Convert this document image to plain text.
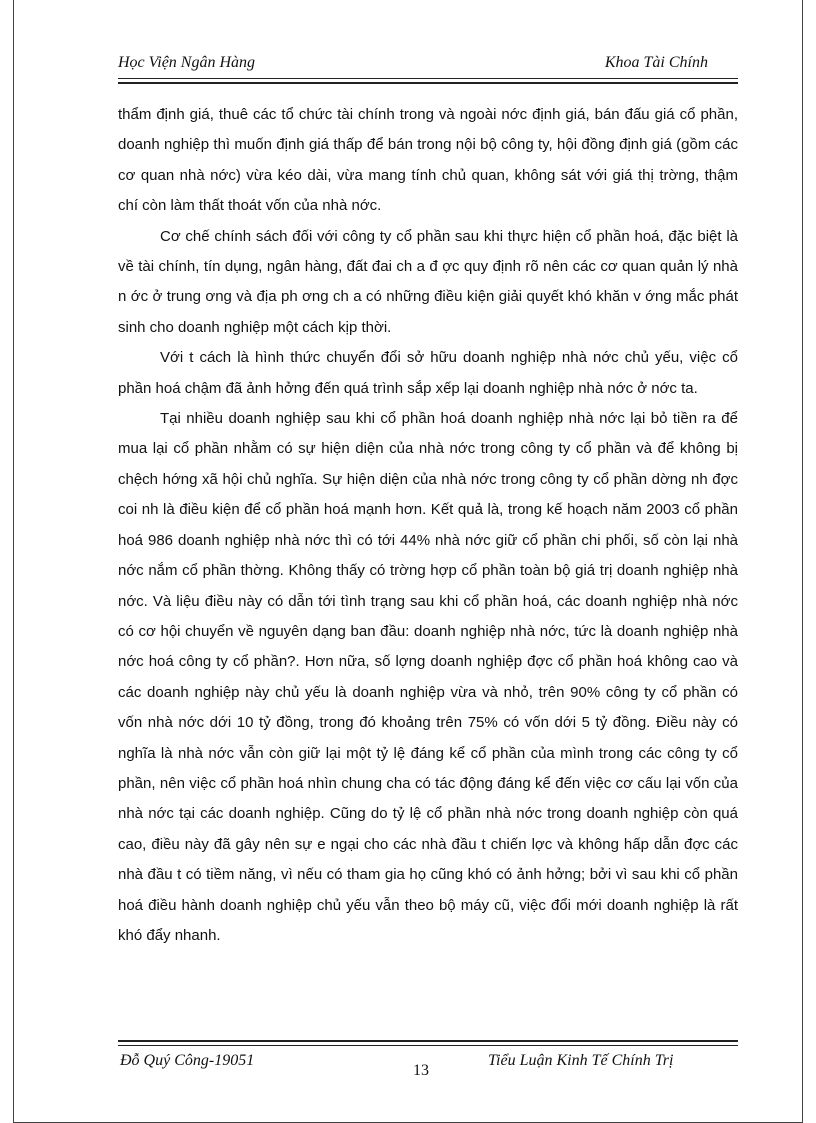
Học Viện Ngân Hàng	Khoa Tài Chính

thẩm định giá, thuê các tổ chức tài chính trong và ngoài nớc định giá, bán đấu giá cổ phần, doanh nghiệp thì muốn định giá thấp để bán trong nội bộ công ty, hội đồng định giá (gồm các cơ quan nhà nớc) vừa kéo dài, vừa mang tính chủ quan, không sát với giá thị trờng, thậm chí còn làm thất thoát vốn của nhà nớc.

Cơ chế chính sách đối với công ty cổ phần sau khi thực hiện cổ phần hoá, đặc biệt là về tài chính, tín dụng, ngân hàng, đất đai ch a đ ợc quy định rõ nên các cơ quan quản lý nhà n ớc ở trung ơng và địa ph ơng ch a có những điều kiện giải quyết khó khăn v ớng mắc phát sinh cho doanh nghiệp một cách kịp thời.

Với t cách là hình thức chuyển đổi sở hữu doanh nghiệp nhà nớc chủ yếu, việc cổ phần hoá chậm đã ảnh hởng đến quá trình sắp xếp lại doanh nghiệp nhà nớc ở nớc ta.

Tại nhiều doanh nghiệp sau khi cổ phần hoá doanh nghiệp nhà nớc lại bỏ tiền ra để mua lại cổ phần nhằm có sự hiện diện của nhà nớc trong công ty cổ phần và để không bị chệch hớng xã hội chủ nghĩa. Sự hiện diện của nhà nớc trong công ty cổ phần dờng nh đợc coi nh là điều kiện để cổ phần hoá mạnh hơn. Kết quả là, trong kế hoạch năm 2003 cổ phần hoá 986 doanh nghiệp nhà nớc thì có tới 44% nhà nớc giữ cổ phần chi phối, số còn lại nhà nớc nắm cổ phần thờng. Không thấy có trờng hợp cổ phần toàn bộ giá trị doanh nghiệp nhà nớc. Và liệu điều này có dẫn tới tình trạng sau khi cổ phần hoá, các doanh nghiệp nhà nớc có cơ hội chuyển về nguyên dạng ban đầu: doanh nghiệp nhà nớc, tức là doanh nghiệp nhà nớc hoá công ty cổ phần?. Hơn nữa, số lợng doanh nghiệp đợc cổ phần hoá không cao và các doanh nghiệp này chủ yếu là doanh nghiệp vừa và nhỏ, trên 90% công ty cổ phần có vốn nhà nớc dới 10 tỷ đồng, trong đó khoảng trên 75% có vốn dới 5 tỷ đồng. Điều này có nghĩa là nhà nớc vẫn còn giữ lại một tỷ lệ đáng kể cổ phần của mình trong các công ty cổ phần, nên việc cổ phần hoá nhìn chung cha có tác động đáng kể đến việc cơ cấu lại vốn của nhà nớc tại các doanh nghiệp. Cũng do tỷ lệ cổ phần nhà nớc trong doanh nghiệp còn quá cao, điều này đã gây nên sự e ngại cho các nhà đầu t chiến lợc và không hấp dẫn đợc các nhà đầu t có tiềm năng, vì nếu có tham gia họ cũng khó có ảnh hởng; bởi vì sau khi cổ phần hoá điều hành doanh nghiệp chủ yếu vẫn theo bộ máy cũ, việc đổi mới doanh nghiệp là rất khó đẩy nhanh.

Đỗ Quý Công-19051
13
Tiểu Luận Kinh Tế Chính Trị
